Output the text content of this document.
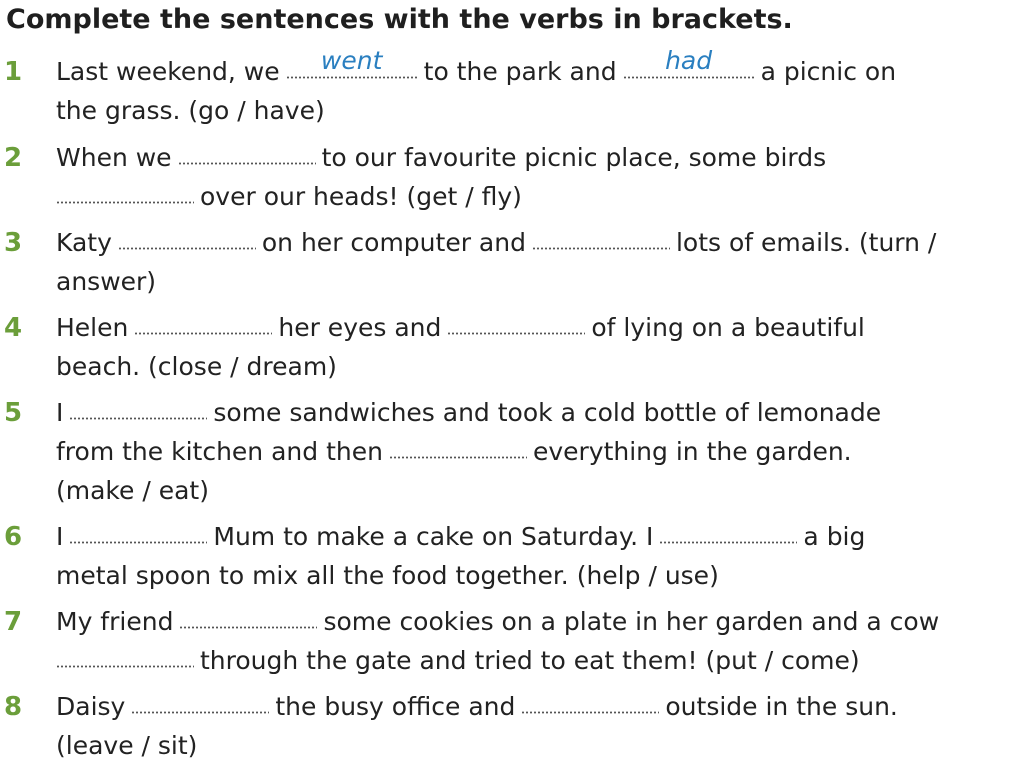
Complete the sentences with the verbs in brackets.
1 Last weekend, we	went	to the park and	had	a picnic on
the grass. (go / have)
2 When we	to our favourite picnic place, some birds
over our heads! (get / fly)
3 Katy	on her computer and	lots of emails. (turn /
answer)
4 Helen	her eyes and	of lying on a beautiful
beach. (close / dream)
5 I	some sandwiches and took a cold bottle of lemonade
from the kitchen and then	everything in the garden.
(make / eat)
6 I	Mum to make a cake on Saturday. I	a big
metal spoon to mix all the food together. (help / use)
7 My friend	some cookies on a plate in her garden and a cow
through the gate and tried to eat them! (put / come)
8 Daisy	the busy office and	outside in the sun.
(leave / sit)
